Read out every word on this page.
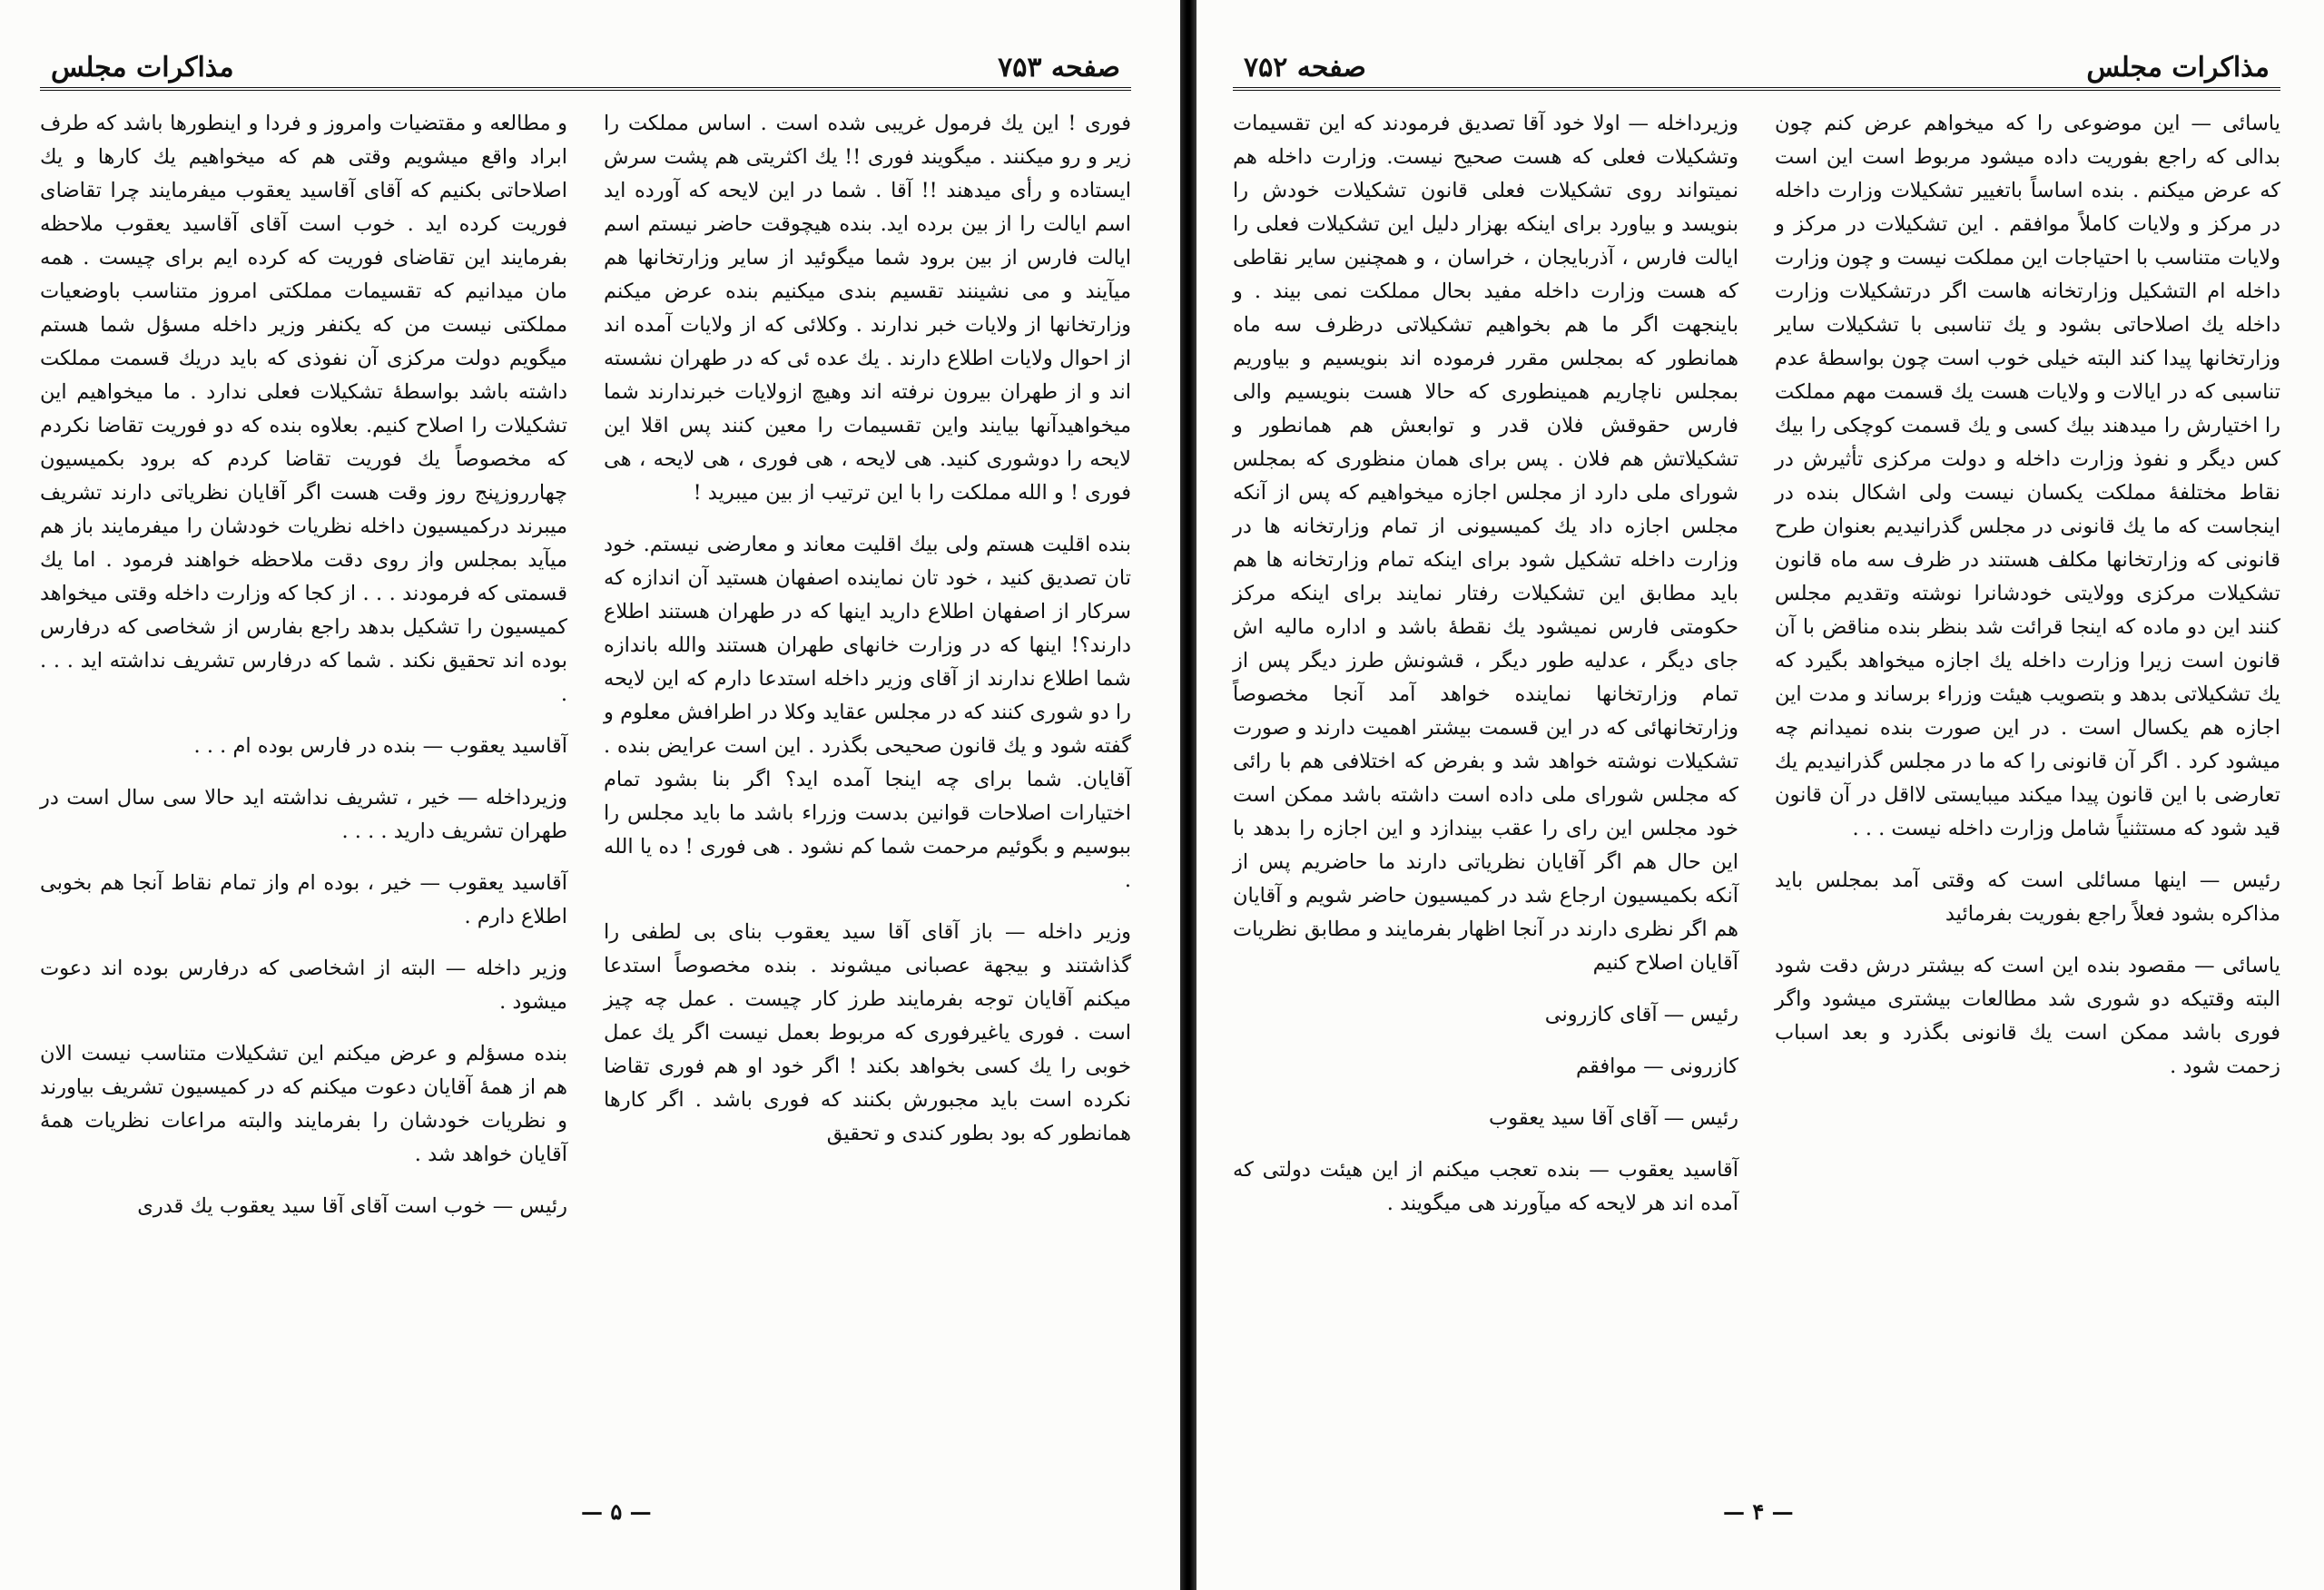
صفحه ۷۵۳
مذاکرات مجلس

فوری ! این یك فرمول غریبی شده است . اساس مملکت را زیر و رو میکنند . میگویند فوری !! یك اکثریتی هم پشت سرش ایستاده و رأی میدهند !! آقا . شما در این لایحه که آورده اید اسم ایالت را از بین برده اید. بنده هیچوقت حاضر نیستم اسم ایالت فارس از بین برود شما میگوئید از سایر وزارتخانها هم میآیند و می نشینند تقسیم بندی میکنیم بنده عرض میکنم وزارتخانها از ولایات خبر ندارند . وکلائی که از ولایات آمده اند از احوال ولایات اطلاع دارند . یك عده ئی که در طهران نشسته اند و از طهران بیرون نرفته اند وهیچ ازولایات خبرندارند شما میخواهیدآنها بیایند واین تقسیمات را معین کنند پس اقلا این لایحه را دوشوری کنید. هی لایحه ، هی فوری ، هی لایحه ، هی فوری ! و الله مملکت را با این ترتیب از بین میبرید !

بنده اقلیت هستم ولی بیك اقلیت معاند و معارضی نیستم. خود تان تصدیق کنید ، خود تان نماینده اصفهان هستید آن اندازه که سرکار از اصفهان اطلاع دارید اینها که در طهران هستند اطلاع دارند؟! اینها که در وزارت خانهای طهران هستند والله باندازه شما اطلاع ندارند از آقای وزیر داخله استدعا دارم که این لایحه را دو شوری کنند که در مجلس عقاید وکلا در اطرافش معلوم و گفته شود و یك قانون صحیحی بگذرد . این است عرایض بنده . آقایان. شما برای چه اینجا آمده اید؟ اگر بنا بشود تمام اختیارات اصلاحات قوانین بدست وزراء باشد ما باید مجلس را ببوسیم و بگوئیم مرحمت شما کم نشود . هی فوری ! ده یا الله .

وزیر داخله — باز آقای آقا سید یعقوب بنای بی لطفی را گذاشتند و بیجهة عصبانی میشوند . بنده مخصوصاً استدعا میکنم آقایان توجه بفرمایند طرز کار چیست . عمل چه چیز است . فوری یاغیرفوری که مربوط بعمل نیست اگر یك عمل خوبی را یك کسی بخواهد بکند ! اگر خود او هم فوری تقاضا نکرده است باید مجبورش بکنند که فوری باشد . اگر کارها همانطور که بود بطور کندی و تحقیق

و مطالعه و مقتضیات وامروز و فردا و اینطورها باشد که طرف ابراد واقع میشویم وقتی هم که میخواهیم یك کارها و یك اصلاحاتی بکنیم که آقای آقاسید یعقوب میفرمایند چرا تقاضای فوریت کرده اید . خوب است آقای آقاسید یعقوب ملاحظه بفرمایند این تقاضای فوریت که کرده ایم برای چیست . همه مان میدانیم که تقسیمات مملکتی امروز متناسب باوضعیات مملکتی نیست من که یکنفر وزیر داخله مسؤل شما هستم میگویم دولت مرکزی آن نفوذی که باید دریك قسمت مملکت داشته باشد بواسطهٔ تشکیلات فعلی ندارد . ما میخواهیم این تشکیلات را اصلاح کنیم. بعلاوه بنده که دو فوریت تقاضا نکردم که مخصوصاً یك فوریت تقاضا کردم که برود بکمیسیون چهارروزپنج روز وقت هست اگر آقایان نظریاتی دارند تشریف میبرند درکمیسیون داخله نظریات خودشان را میفرمایند باز هم میآید بمجلس واز روی دقت ملاحظه خواهند فرمود . اما یك قسمتی که فرمودند . . . از کجا که وزارت داخله وقتی میخواهد کمیسیون را تشکیل بدهد راجع بفارس از شخاصی که درفارس بوده اند تحقیق نکند . شما که درفارس تشریف نداشته اید . . . .

آقاسید یعقوب — بنده در فارس بوده ام . . .

وزیرداخله — خیر ، تشریف نداشته اید حالا سی سال است در طهران تشریف دارید . . . .

آقاسید یعقوب — خیر ، بوده ام واز تمام نقاط آنجا هم بخوبی اطلاع دارم .

وزیر داخله — البته از اشخاصی که درفارس بوده اند دعوت میشود .

بنده مسؤلم و عرض میکنم این تشکیلات متناسب نیست الان هم از همهٔ آقایان دعوت میکنم که در کمیسیون تشریف بیاورند و نظریات خودشان را بفرمایند والبته مراعات نظریات همهٔ آقایان خواهد شد .

رئیس — خوب است آقای آقا سید یعقوب یك قدری

— ۵ —
مذاکرات مجلس
صفحه ۷۵۲

یاسائی — این موضوعی را که میخواهم عرض کنم چون بدالی که راجع بفوریت داده میشود مربوط است این است که عرض میکنم . بنده اساساً باتغییر تشکیلات وزارت داخله در مرکز و ولایات کاملاً موافقم . این تشکیلات در مرکز و ولایات متناسب با احتیاجات این مملکت نیست و چون وزارت داخله ام التشکیل وزارتخانه هاست اگر درتشکیلات وزارت داخله یك اصلاحاتی بشود و یك تناسبی با تشکیلات سایر وزارتخانها پیدا کند البته خیلی خوب است چون بواسطهٔ عدم تناسبی که در ایالات و ولایات هست یك قسمت مهم مملکت را اختیارش را میدهند بیك کسی و یك قسمت کوچکی را بیك کس دیگر و نفوذ وزارت داخله و دولت مرکزی تأثیرش در نقاط مختلفهٔ مملکت یکسان نیست ولی اشکال بنده در اینجاست که ما یك قانونی در مجلس گذرانیدیم بعنوان طرح قانونی که وزارتخانها مکلف هستند در ظرف سه ماه قانون تشکیلات مرکزی وولایتی خودشانرا نوشته وتقدیم مجلس کنند این دو ماده که اینجا قرائت شد بنظر بنده مناقض با آن قانون است زیرا وزارت داخله یك اجازه میخواهد بگیرد که یك تشکیلاتی بدهد و بتصویب هیئت وزراء برساند و مدت این اجازه هم یکسال است . در این صورت بنده نمیدانم چه میشود کرد . اگر آن قانونی را که ما در مجلس گذرانیدیم یك تعارضی با این قانون پیدا میکند میبایستی لااقل در آن قانون قید شود که مستثنیاً شامل وزارت داخله نیست . . .

رئیس — اینها مسائلی است که وقتی آمد بمجلس باید مذاکره بشود فعلاً راجع بفوریت بفرمائید

یاسائی — مقصود بنده این است که بیشتر درش دقت شود البته وقتیکه دو شوری شد مطالعات بیشتری میشود واگر فوری باشد ممکن است یك قانونی بگذرد و بعد اسباب زحمت شود .

وزیرداخله — اولا خود آقا تصدیق فرمودند که این تقسیمات وتشکیلات فعلی که هست صحیح نیست. وزارت داخله هم نمیتواند روی تشکیلات فعلی قانون تشکیلات خودش را بنویسد و بیاورد برای اینکه بهزار دلیل این تشکیلات فعلی را ایالت فارس ، آذربایجان ، خراسان ، و همچنین سایر نقاطی که هست وزارت داخله مفید بحال مملکت نمی بیند . و باینجهت اگر ما هم بخواهیم تشکیلاتی درظرف سه ماه همانطور که بمجلس مقرر فرموده اند بنویسیم و بیاوریم بمجلس ناچاریم همینطوری که حالا هست بنویسیم والی فارس حقوقش فلان قدر و توابعش هم همانطور و تشکیلاتش هم فلان . پس برای همان منظوری که بمجلس شورای ملی دارد از مجلس اجازه میخواهیم که پس از آنکه مجلس اجازه داد یك کمیسیونی از تمام وزارتخانه ها در وزارت داخله تشکیل شود برای اینکه تمام وزارتخانه ها هم باید مطابق این تشکیلات رفتار نمایند برای اینکه مرکز حکومتی فارس نمیشود یك نقطهٔ باشد و اداره مالیه اش جای دیگر ، عدلیه طور دیگر ، قشونش طرز دیگر پس از تمام وزارتخانها نماینده خواهد آمد آنجا مخصوصاً وزارتخانهائی که در این قسمت بیشتر اهمیت دارند و صورت تشکیلات نوشته خواهد شد و بفرض که اختلافی هم با رائی که مجلس شورای ملی داده است داشته باشد ممکن است خود مجلس این رای را عقب بیندازد و این اجازه را بدهد با این حال هم اگر آقایان نظریاتی دارند ما حاضریم پس از آنکه بکمیسیون ارجاع شد در کمیسیون حاضر شویم و آقایان هم اگر نظری دارند در آنجا اظهار بفرمایند و مطابق نظریات آقایان اصلاح کنیم

رئیس — آقای کازرونی

کازرونی — موافقم

رئیس — آقای آقا سید یعقوب

آقاسید یعقوب — بنده تعجب میکنم از این هیئت دولتی که آمده اند هر لایحه که میآورند هی میگویند .

— ۴ —
